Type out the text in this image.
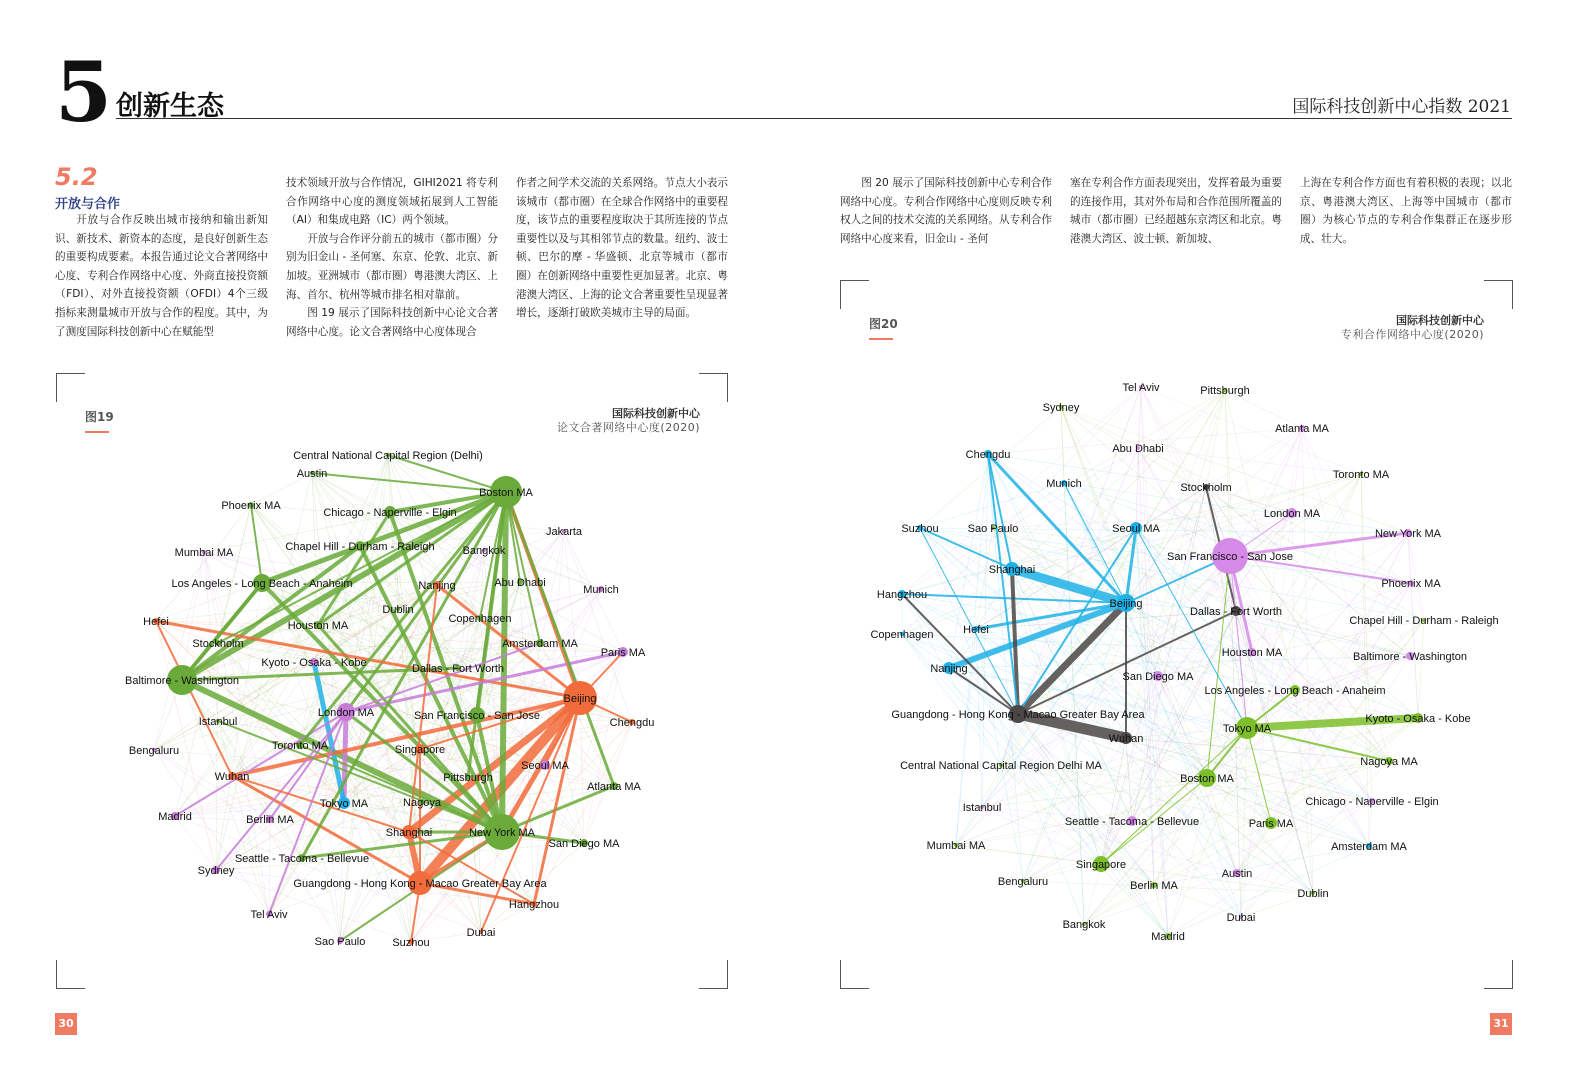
5 创新生态	国际科技创新中心指数 2021
5.2
开放与合作

开放与合作反映出城市接纳和输出新知识、新技术、新资本的态度，是良好创新生态的重要构成要素。本报告通过论文合著网络中心度、专利合作网络中心度、外商直接投资额（FDI）、对外直接投资额（OFDI）4个三级指标来测量城市开放与合作的程度。其中，为了测度国际科技创新中心在赋能型

技术领域开放与合作情况，GIHI2021 将专利合作网络中心度的测度领域拓展到人工智能（AI）和集成电路（IC）两个领域。

开放与合作评分前五的城市（都市圈）分别为旧金山 - 圣何塞、东京、伦敦、北京、新加坡。亚洲城市（都市圈）粤港澳大湾区、上海、首尔、杭州等城市排名相对靠前。

图 19 展示了国际科技创新中心论文合著网络中心度。论文合著网络中心度体现合

作者之间学术交流的关系网络。节点大小表示该城市（都市圈）在全球合作网络中的重要程度，该节点的重要程度取决于其所连接的节点重要性以及与其相邻节点的数量。纽约、波士顿、巴尔的摩 - 华盛顿、北京等城市（都市圈）在创新网络中重要性更加显著。北京、粤港澳大湾区、上海的论文合著重要性呈现显著增长，逐渐打破欧美城市主导的局面。

图 20 展示了国际科技创新中心专利合作网络中心度。专利合作网络中心度则反映专利权人之间的技术交流的关系网络。从专利合作网络中心度来看，旧金山 - 圣何

塞在专利合作方面表现突出，发挥着最为重要的连接作用，其对外布局和合作范围所覆盖的城市（都市圈）已经超越东京湾区和北京。粤港澳大湾区、波士顿、新加坡、

上海在专利合作方面也有着积极的表现；以北京、粤港澳大湾区、上海等中国城市（都市圈）为核心节点的专利合作集群正在逐步形成、壮大。

图19	国际科技创新中心
论文合著网络中心度(2020)
Central National Capital Region (Delhi)
Austin
Boston MA
Phoenix MA
Chicago - Naperville - Elgin
Jakarta
Mumbai MA	Chapel Hill - Durham - Raleigh	Bangkok
Los Angeles - Long Beach - Anaheim	Nanjing	Abu Dhabi
Munich
Hefei
Dublin
Houston MA
Copenhagen
Stockholm	Amsterdam MA
Paris MA
Kyoto - Osaka - Kobe	Dallas - Fort Worth
Baltimore - Washington
Beijing
London MA	San Francisco - San Jose
Istanbul	Chengdu
Toronto MA	Singapore
Bengaluru
Seoul MA
Wuhan	Pittsburgh
Atlanta MA
Tokyo MA	Nagoya
Madrid	Berlin MA
Shanghai	New York MA
San Diego MA
Seattle - Tacoma - Bellevue
Sydney
Guangdong - Hong Kong - Macao Greater Bay Area
Hangzhou
Tel Aviv
Dubai
Sao Paulo Suzhou
图20	国际科技创新中心
专利合作网络中心度(2020)
Tel Aviv	Pittsburgh
Sydney
Atlanta MA
Abu Dhabi
Chengdu
Munich	Stockholm
Toronto MA
London MA
Suzhou	Sao Paulo	Seoul MA
San Francisco - San Jose
New York MA
Shanghai
Hangzhou
Beijing
Phoenix MA
Dallas - Fort Worth
Copenhagen	Hefei
Chapel Hill - Durham - Raleigh
Nanjing
Houston MA	Baltimore - Washington
San Diego MA
Los Angeles - Long Beach - Anaheim
Guangdong - Hong Kong - Macao Greater Bay Area
Tokyo MA
Kyoto - Osaka - Kobe
Wuhan
Central National Capital Region Delhi MA	Nagoya MA
Boston MA
Istanbul	Chicago - Naperville - Elgin
Seattle - Tacoma - Bellevue	Paris MA
Mumbai MA	Amsterdam MA
Singapore
Austin
Bengaluru	Berlin MA
Dublin
Bangkok
Dubai
Madrid
30	31
